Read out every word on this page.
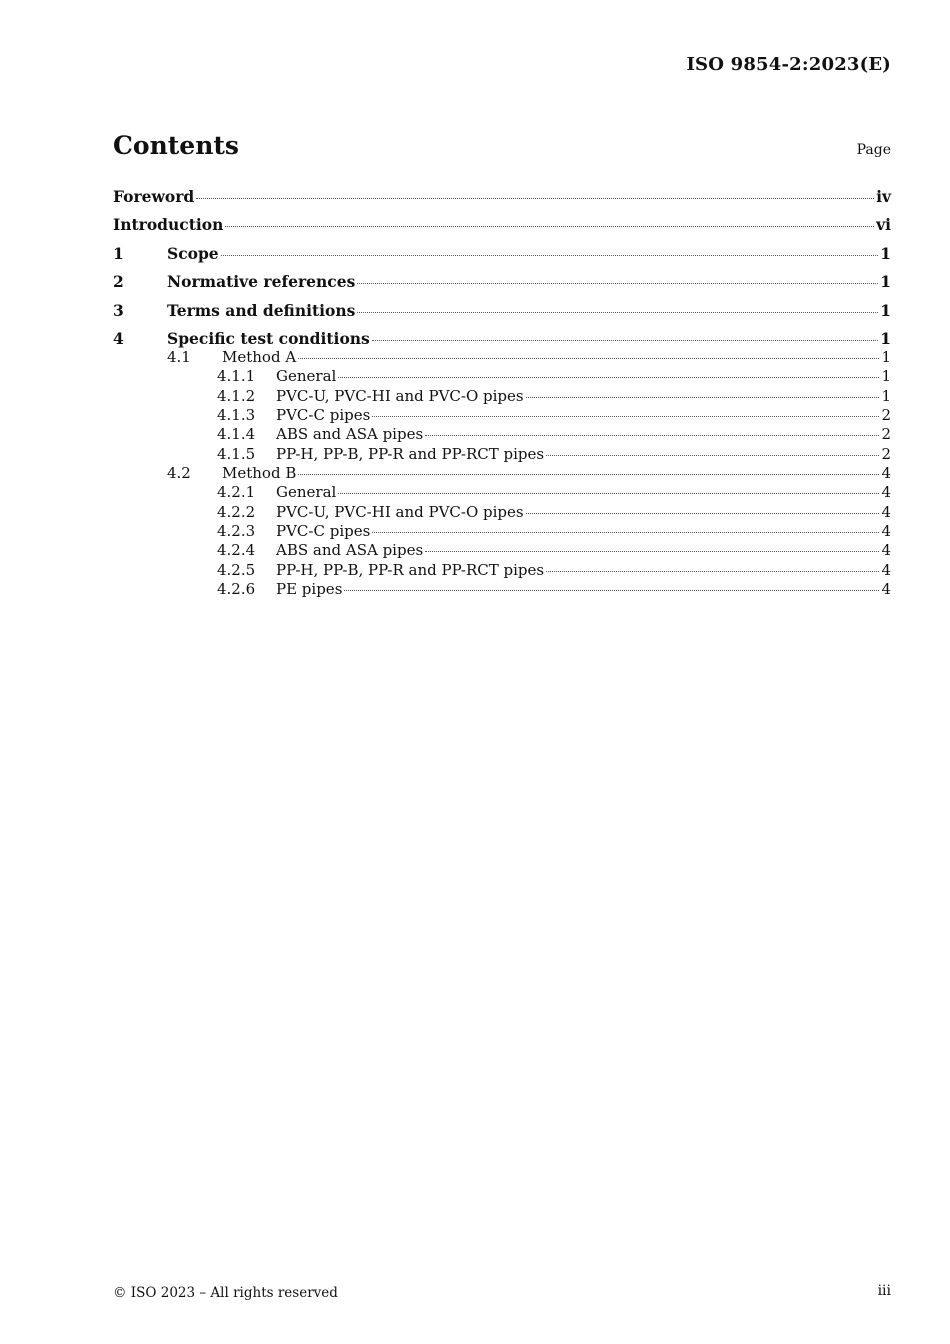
ISO 9854-2:2023(E)
Contents	Page
Foreword	iv
Introduction	vi
1	Scope	1
2	Normative references	1
3	Terms and definitions	1
4	Specific test conditions	1
4.1	Method A	1
4.1.1	General	1
4.1.2	PVC-U, PVC-HI and PVC-O pipes	1
4.1.3	PVC-C pipes	2
4.1.4	ABS and ASA pipes	2
4.1.5	PP-H, PP-B, PP-R and PP-RCT pipes	2
4.2	Method B	4
4.2.1	General	4
4.2.2	PVC-U, PVC-HI and PVC-O pipes	4
4.2.3	PVC-C pipes	4
4.2.4	ABS and ASA pipes	4
4.2.5	PP-H, PP-B, PP-R and PP-RCT pipes	4
4.2.6	PE pipes	4
© ISO 2023 – All rights reserved	iii
